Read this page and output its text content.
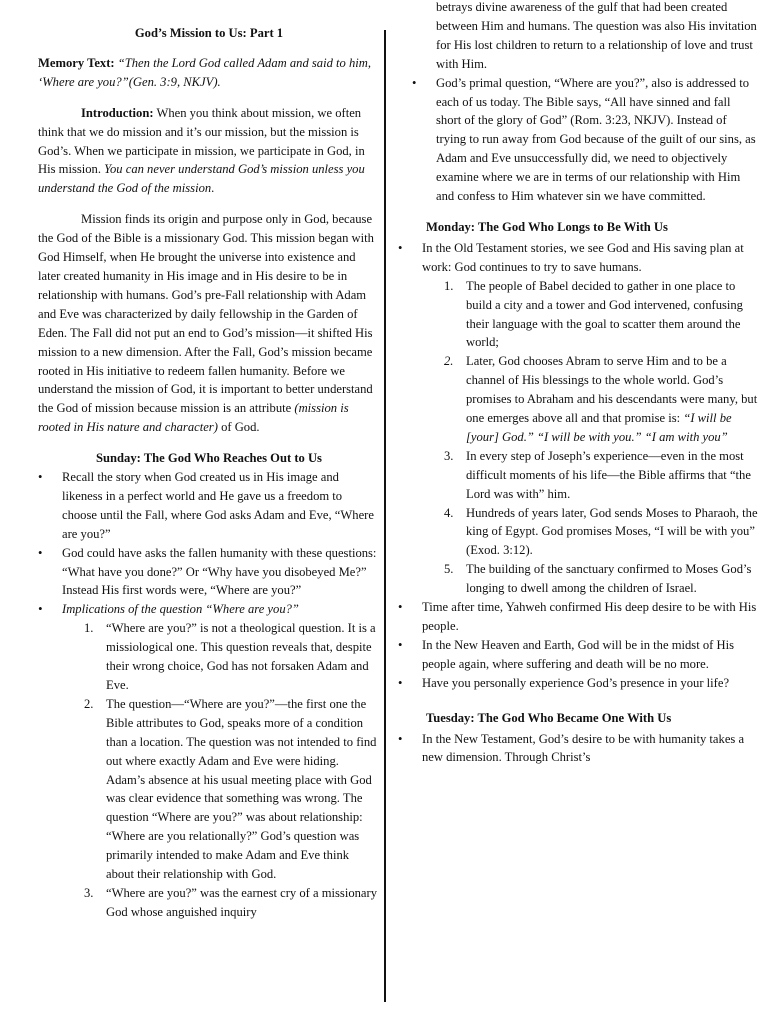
God’s Mission to Us: Part 1

Memory Text: “Then the Lord God called Adam and said to him, ‘Where are you?”(Gen. 3:9, NKJV).

Introduction: When you think about mission, we often think that we do mission and it’s our mission, but the mission is God’s. When we participate in mission, we participate in God, in His mission. You can never understand God’s mission unless you understand the God of the mission.

Mission finds its origin and purpose only in God, because the God of the Bible is a missionary God. This mission began with God Himself, when He brought the universe into existence and later created humanity in His image and in His desire to be in relationship with humans. God’s pre-Fall relationship with Adam and Eve was characterized by daily fellowship in the Garden of Eden. The Fall did not put an end to God’s mission—it shifted His mission to a new dimension. After the Fall, God’s mission became rooted in His initiative to redeem fallen humanity. Before we understand the mission of God, it is important to better understand the God of mission because mission is an attribute (mission is rooted in His nature and character) of God.

Sunday: The God Who Reaches Out to Us

• Recall the story when God created us in His image and likeness in a perfect world and He gave us a freedom to choose until the Fall, where God asks Adam and Eve, “Where are you?”
• God could have asks the fallen humanity with these questions: “What have you done?” Or “Why have you disobeyed Me?” Instead His first words were, “Where are you?”
• Implications of the question “Where are you?”
1. “Where are you?” is not a theological question. It is a missiological one. This question reveals that, despite their wrong choice, God has not forsaken Adam and Eve.
2. The question—“Where are you?”—the first one the Bible attributes to God, speaks more of a condition than a location. The question was not intended to find out where exactly Adam and Eve were hiding. Adam’s absence at his usual meeting place with God was clear evidence that something was wrong. The question “Where are you?” was about relationship: “Where are you relationally?” God’s question was primarily intended to make Adam and Eve think about their relationship with God.
3. “Where are you?” was the earnest cry of a missionary God whose anguished inquiry

betrays divine awareness of the gulf that had been created between Him and humans. The question was also His invitation for His lost children to return to a relationship of love and trust with Him.

• God’s primal question, “Where are you?”, also is addressed to each of us today. The Bible says, “All have sinned and fall short of the glory of God” (Rom. 3:23, NKJV). Instead of trying to run away from God because of the guilt of our sins, as Adam and Eve unsuccessfully did, we need to objectively examine where we are in terms of our relationship with Him and confess to Him whatever sin we have committed.

Monday: The God Who Longs to Be With Us

• In the Old Testament stories, we see God and His saving plan at work: God continues to try to save humans.
1. The people of Babel decided to gather in one place to build a city and a tower and God intervened, confusing their language with the goal to scatter them around the world;
2. Later, God chooses Abram to serve Him and to be a channel of His blessings to the whole world. God’s promises to Abraham and his descendants were many, but one emerges above all and that promise is: “I will be [your] God.” “I will be with you.” “I am with you”
3. In every step of Joseph’s experience—even in the most difficult moments of his life—the Bible affirms that “the Lord was with” him.
4. Hundreds of years later, God sends Moses to Pharaoh, the king of Egypt. God promises Moses, “I will be with you” (Exod. 3:12).
5. The building of the sanctuary confirmed to Moses God’s longing to dwell among the children of Israel.
• Time after time, Yahweh confirmed His deep desire to be with His people.
• In the New Heaven and Earth, God will be in the midst of His people again, where suffering and death will be no more.
• Have you personally experience God’s presence in your life?

Tuesday: The God Who Became One With Us

• In the New Testament, God’s desire to be with humanity takes a new dimension. Through Christ’s
